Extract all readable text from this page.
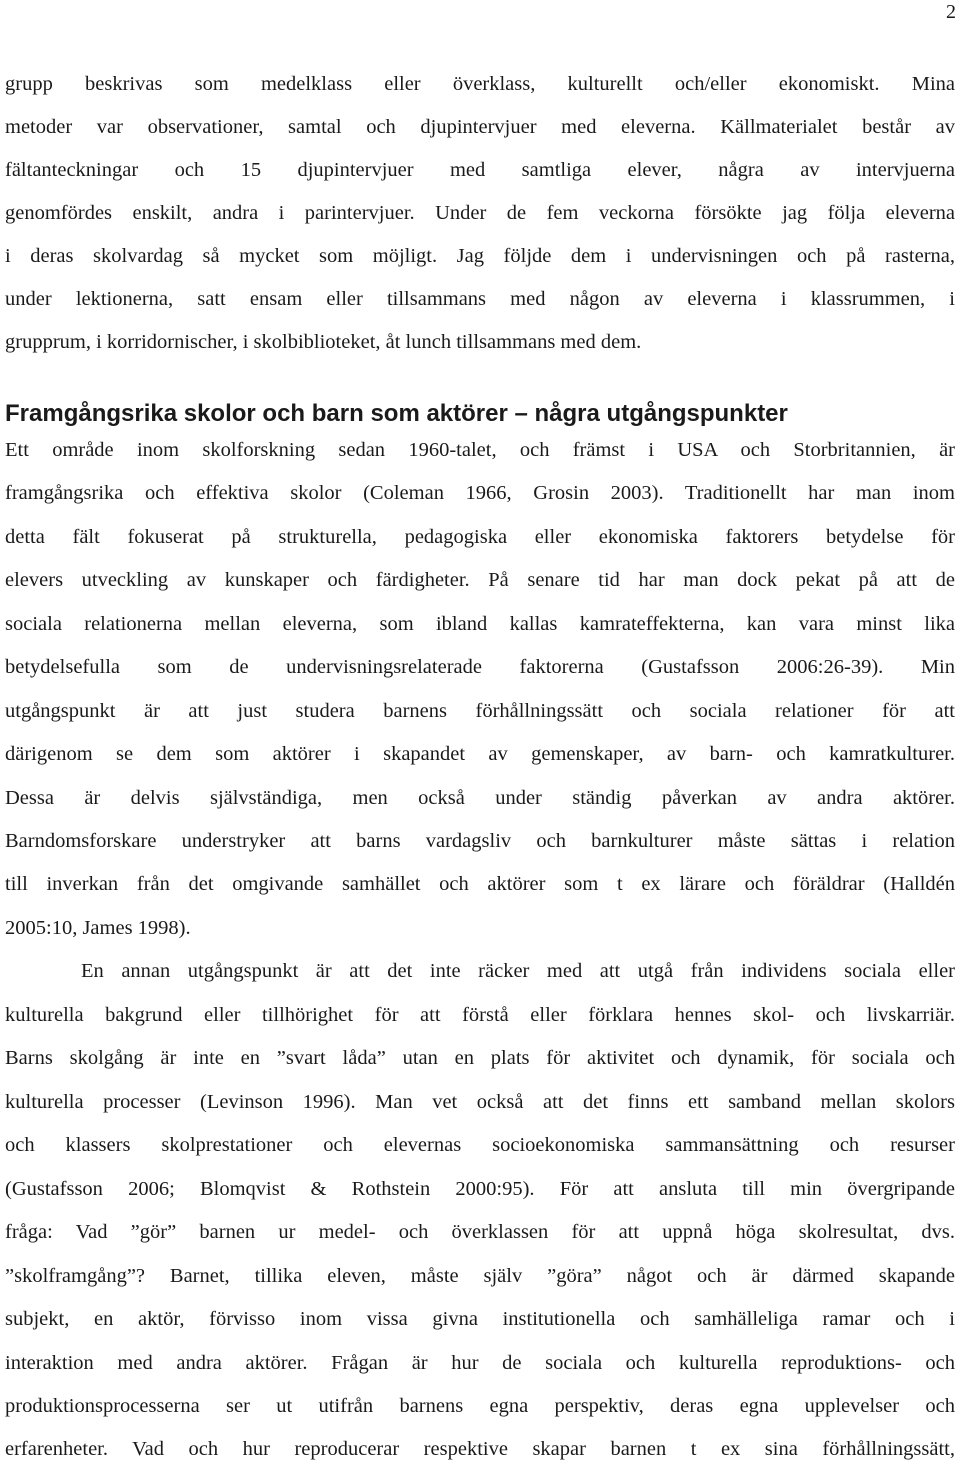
2
grupp beskrivas som medelklass eller överklass, kulturellt och/eller ekonomiskt. Mina
metoder var observationer, samtal och djupintervjuer med eleverna. Källmaterialet består av
fältanteckningar och 15 djupintervjuer med samtliga elever, några av intervjuerna
genomfördes enskilt, andra i parintervjuer. Under de fem veckorna försökte jag följa eleverna
i deras skolvardag så mycket som möjligt. Jag följde dem i undervisningen och på rasterna,
under lektionerna, satt ensam eller tillsammans med någon av eleverna i klassrummen, i
grupprum, i korridornischer, i skolbiblioteket, åt lunch tillsammans med dem.
Framgångsrika skolor och barn som aktörer – några utgångspunkter
Ett område inom skolforskning sedan 1960-talet, och främst i USA och Storbritannien, är
framgångsrika och effektiva skolor (Coleman 1966, Grosin 2003). Traditionellt har man inom
detta fält fokuserat på strukturella, pedagogiska eller ekonomiska faktorers betydelse för
elevers utveckling av kunskaper och färdigheter. På senare tid har man dock pekat på att de
sociala relationerna mellan eleverna, som ibland kallas kamrateffekterna, kan vara minst lika
betydelsefulla som de undervisningsrelaterade faktorerna (Gustafsson 2006:26-39). Min
utgångspunkt är att just studera barnens förhållningssätt och sociala relationer för att
därigenom se dem som aktörer i skapandet av gemenskaper, av barn- och kamratkulturer.
Dessa är delvis självständiga, men också under ständig påverkan av andra aktörer.
Barndomsforskare understryker att barns vardagsliv och barnkulturer måste sättas i relation
till inverkan från det omgivande samhället och aktörer som t ex lärare och föräldrar (Halldén
2005:10, James 1998).
En annan utgångspunkt är att det inte räcker med att utgå från individens sociala eller
kulturella bakgrund eller tillhörighet för att förstå eller förklara hennes skol- och livskarriär.
Barns skolgång är inte en ”svart låda” utan en plats för aktivitet och dynamik, för sociala och
kulturella processer (Levinson 1996). Man vet också att det finns ett samband mellan skolors
och klassers skolprestationer och elevernas socioekonomiska sammansättning och resurser
(Gustafsson 2006; Blomqvist & Rothstein 2000:95). För att ansluta till min övergripande
fråga: Vad ”gör” barnen ur medel- och överklassen för att uppnå höga skolresultat, dvs.
”skolframgång”? Barnet, tillika eleven, måste själv ”göra” något och är därmed skapande
subjekt, en aktör, förvisso inom vissa givna institutionella och samhälleliga ramar och i
interaktion med andra aktörer. Frågan är hur de sociala och kulturella reproduktions- och
produktionsprocesserna ser ut utifrån barnens egna perspektiv, deras egna upplevelser och
erfarenheter. Vad och hur reproducerar respektive skapar barnen t ex sina förhållningssätt,
